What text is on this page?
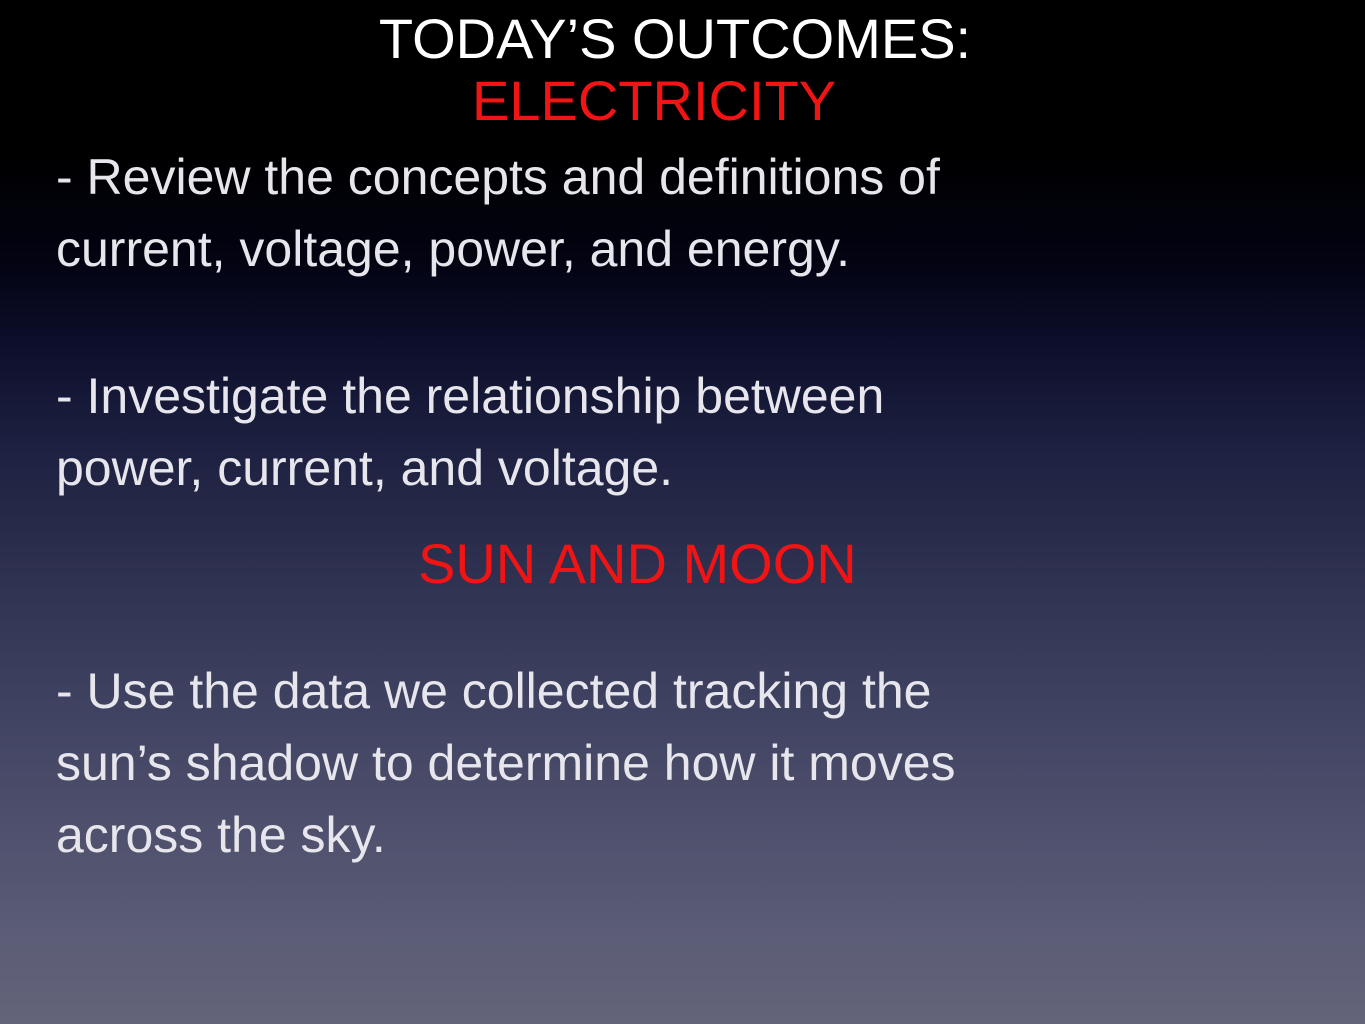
TODAY’S OUTCOMES:
ELECTRICITY

- Review the concepts and definitions of
current, voltage, power, and energy.

- Investigate the relationship between
power, current, and voltage.

SUN AND MOON

- Use the data we collected tracking the
sun’s shadow to determine how it moves
across the sky.
